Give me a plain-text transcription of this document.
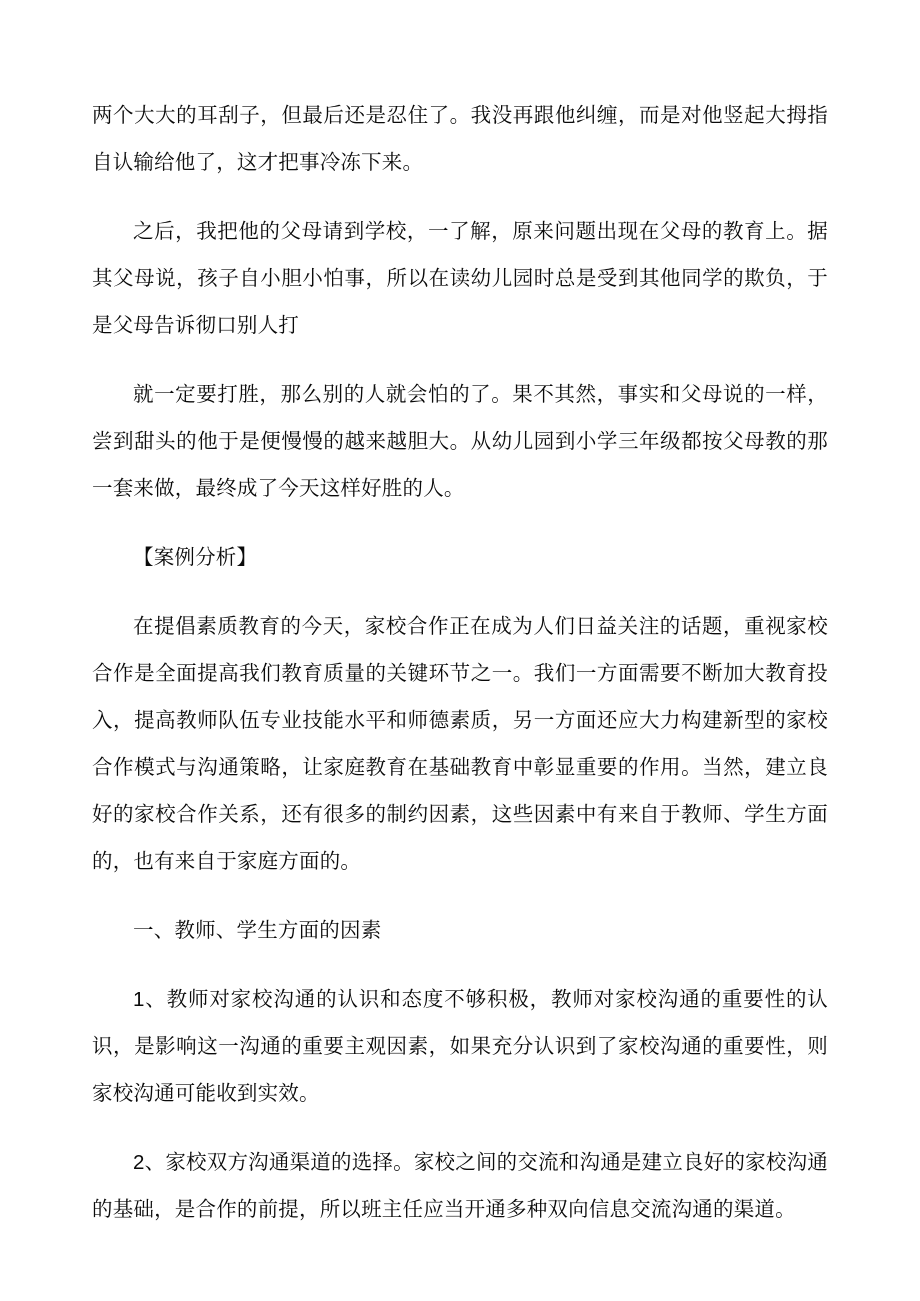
两个大大的耳刮子，但最后还是忍住了。我没再跟他纠缠，而是对他竖起大拇指自认输给他了，这才把事冷冻下来。

之后，我把他的父母请到学校，一了解，原来问题出现在父母的教育上。据其父母说，孩子自小胆小怕事，所以在读幼儿园时总是受到其他同学的欺负，于是父母告诉彻口别人打

就一定要打胜，那么别的人就会怕的了。果不其然，事实和父母说的一样，尝到甜头的他于是便慢慢的越来越胆大。从幼儿园到小学三年级都按父母教的那一套来做，最终成了今天这样好胜的人。

【案例分析】

在提倡素质教育的今天，家校合作正在成为人们日益关注的话题，重视家校合作是全面提高我们教育质量的关键环节之一。我们一方面需要不断加大教育投入，提高教师队伍专业技能水平和师德素质，另一方面还应大力构建新型的家校合作模式与沟通策略，让家庭教育在基础教育中彰显重要的作用。当然，建立良好的家校合作关系，还有很多的制约因素，这些因素中有来自于教师、学生方面的，也有来自于家庭方面的。

一、教师、学生方面的因素

1、教师对家校沟通的认识和态度不够积极，教师对家校沟通的重要性的认识，是影响这一沟通的重要主观因素，如果充分认识到了家校沟通的重要性，则家校沟通可能收到实效。

2、家校双方沟通渠道的选择。家校之间的交流和沟通是建立良好的家校沟通的基础，是合作的前提，所以班主任应当开通多种双向信息交流沟通的渠道。
